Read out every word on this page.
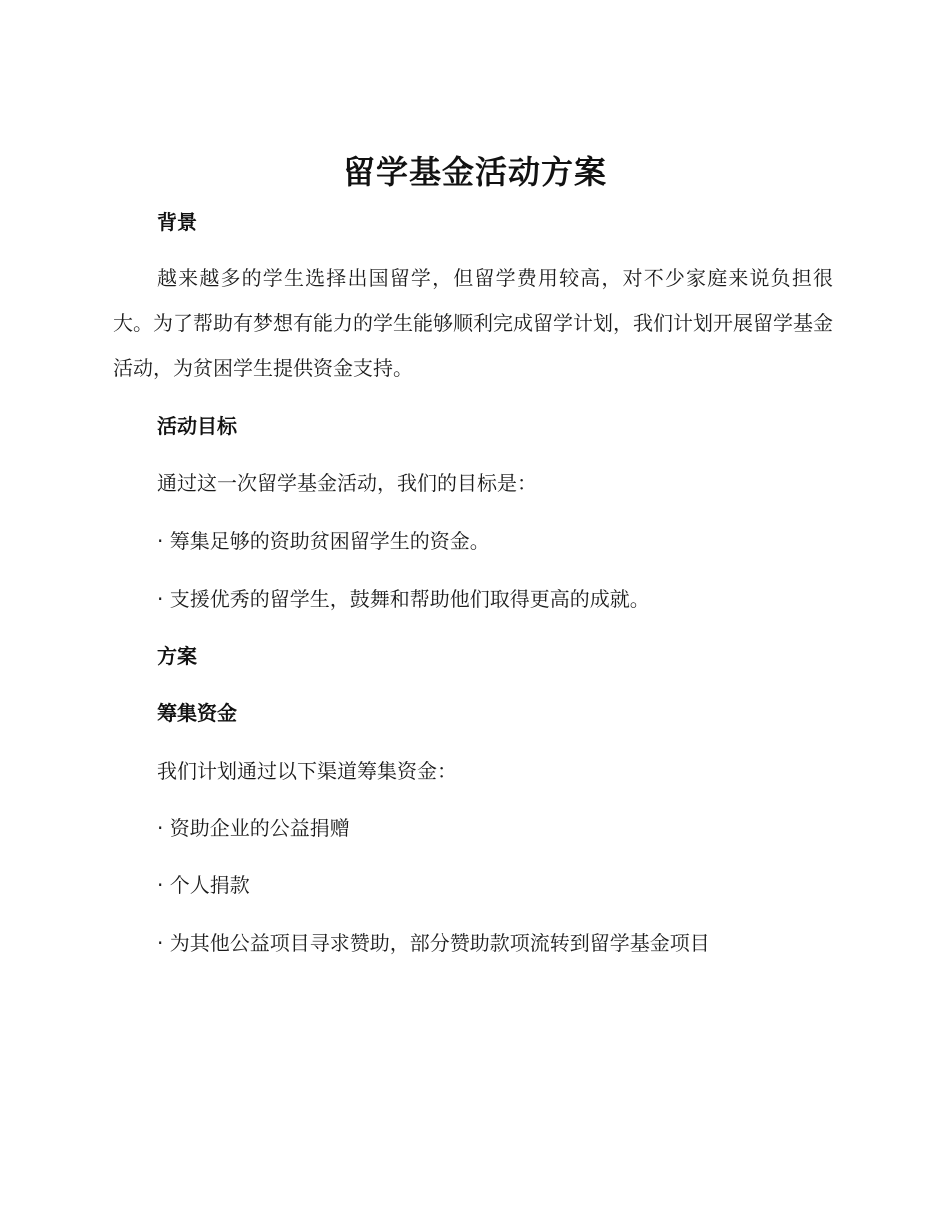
留学基金活动方案
背景
越来越多的学生选择出国留学，但留学费用较高，对不少家庭来说负担很大。为了帮助有梦想有能力的学生能够顺利完成留学计划，我们计划开展留学基金活动，为贫困学生提供资金支持。
活动目标
通过这一次留学基金活动，我们的目标是：
· 筹集足够的资助贫困留学生的资金。
· 支援优秀的留学生，鼓舞和帮助他们取得更高的成就。
方案
筹集资金
我们计划通过以下渠道筹集资金：
· 资助企业的公益捐赠
· 个人捐款
· 为其他公益项目寻求赞助，部分赞助款项流转到留学基金项目
